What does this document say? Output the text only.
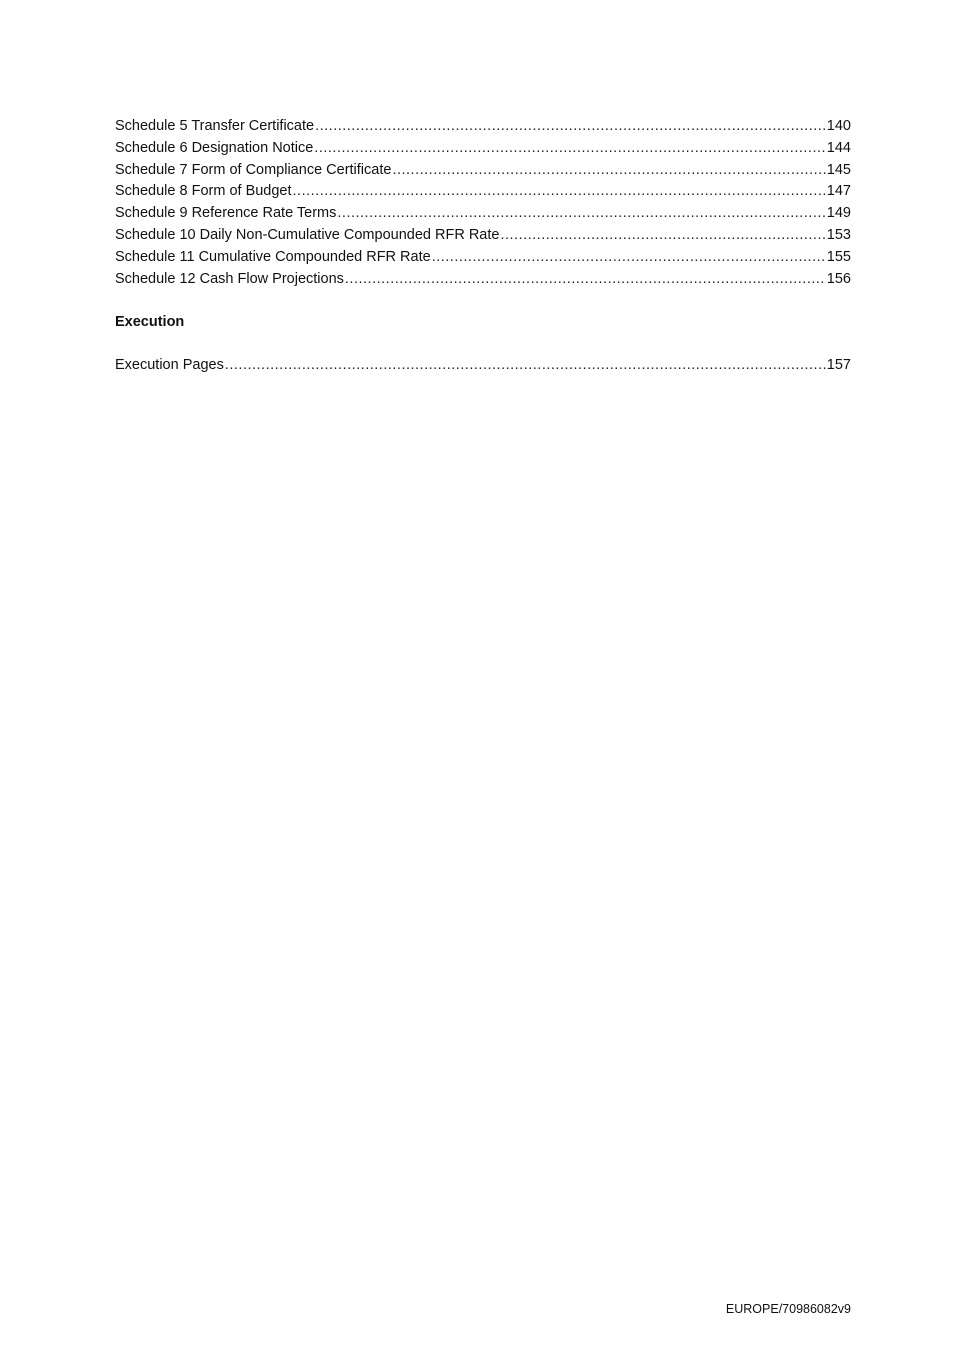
Schedule 5 Transfer Certificate .....	140
Schedule 6 Designation Notice .....	144
Schedule 7 Form of Compliance Certificate .....	145
Schedule 8 Form of Budget .....	147
Schedule 9 Reference Rate Terms .....	149
Schedule 10 Daily Non-Cumulative Compounded RFR Rate .....	153
Schedule 11 Cumulative Compounded RFR Rate .....	155
Schedule 12 Cash Flow Projections .....	156
Execution
Execution Pages .....	157
EUROPE/70986082v9
